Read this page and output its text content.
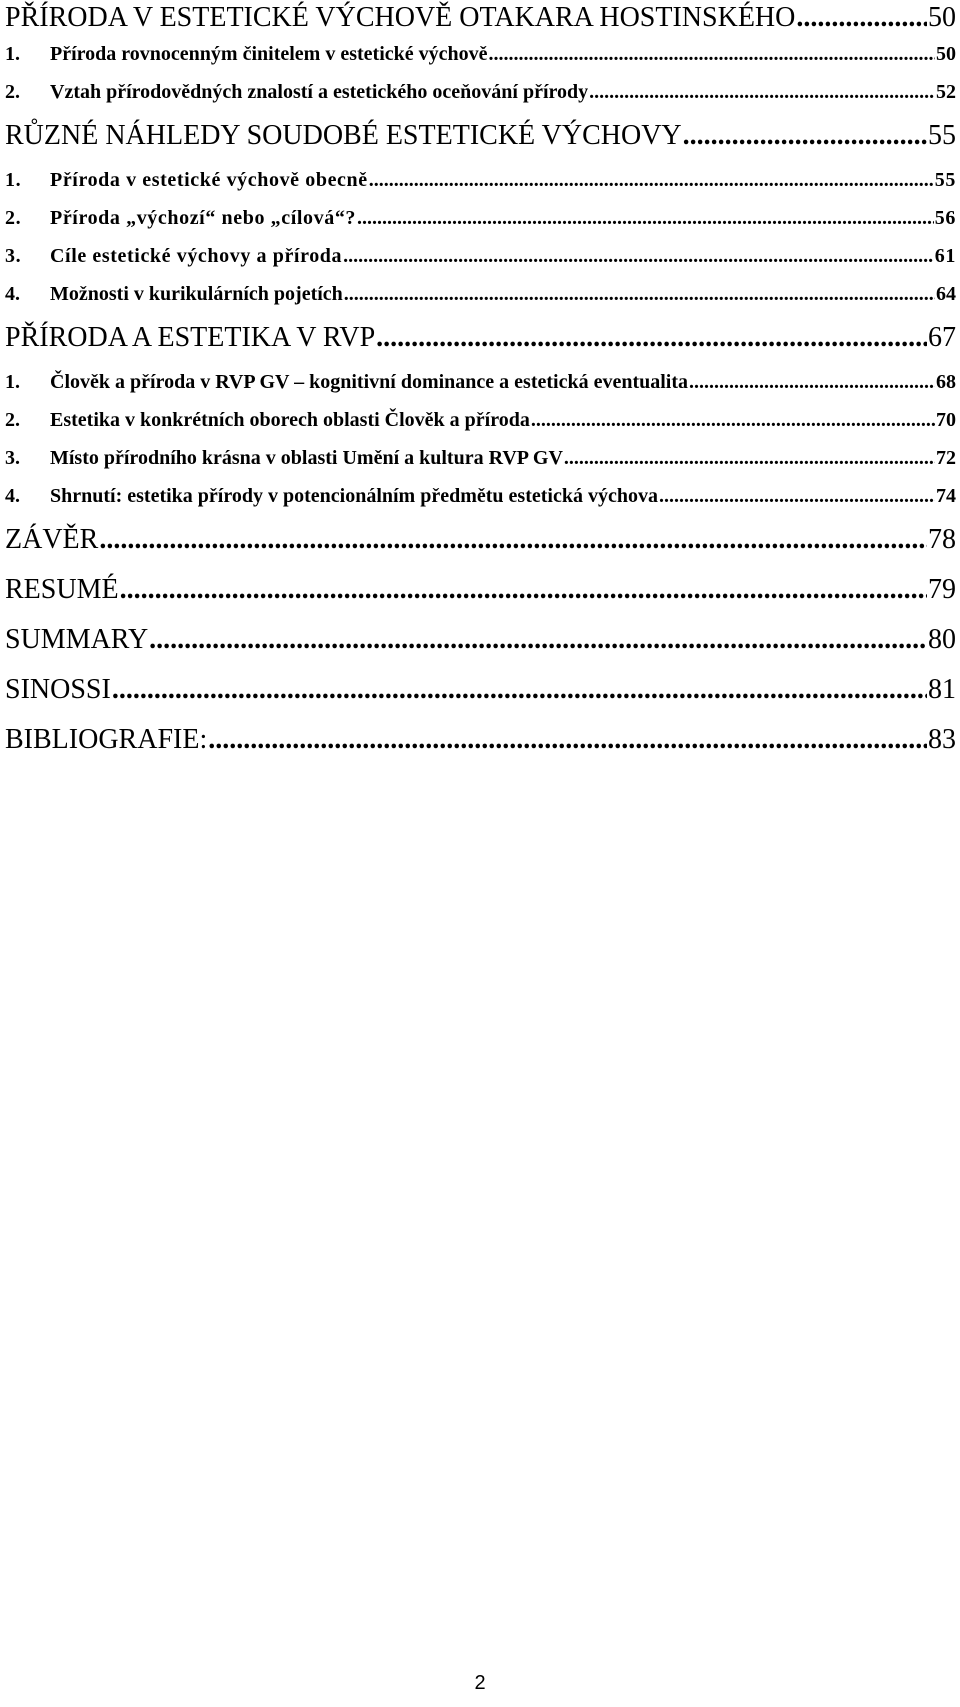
PŘÍRODA V ESTETICKÉ VÝCHOVĚ OTAKARA HOSTINSKÉHO .....	50
1.	Příroda rovnocenným činitelem v estetické výchově .....	50
2.	Vztah přírodovědných znalostí a estetického oceňování přírody .....	52
RŮZNÉ NÁHLEDY SOUDOBÉ ESTETICKÉ VÝCHOVY .....	55
1.	Příroda v estetické výchově obecně .....	55
2.	Příroda „výchozí“ nebo „cílová“? .....	56
3.	Cíle estetické výchovy a příroda .....	61
4.	Možnosti v kurikulárních pojetích .....	64
PŘÍRODA A ESTETIKA V RVP .....	67
1.	Člověk a příroda v RVP GV – kognitivní dominance a estetická eventualita .....	68
2.	Estetika v konkrétních oborech oblasti Člověk a příroda .....	70
3.	Místo přírodního krásna v oblasti Umění a kultura RVP GV .....	72
4.	Shrnutí: estetika přírody v potencionálním předmětu estetická výchova .....	74
ZÁVĚR .....	78
RESUMÉ .....	79
SUMMARY .....	80
SINOSSI .....	81
BIBLIOGRAFIE: .....	83
2
